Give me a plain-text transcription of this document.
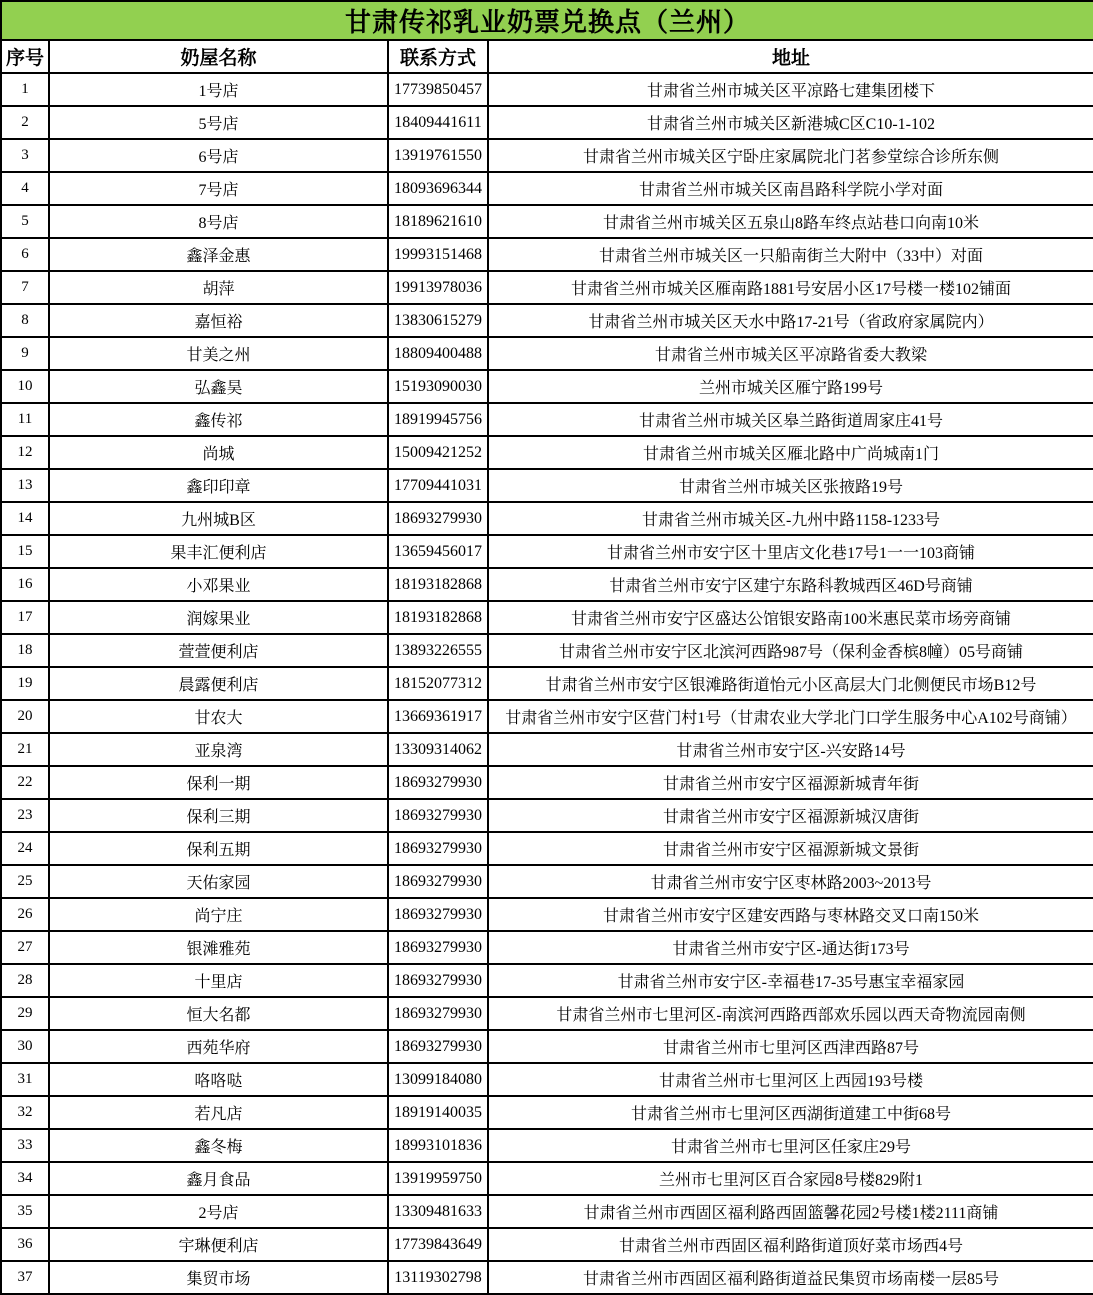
甘肃传祁乳业奶票兑换点（兰州）			
序号	奶屋名称	联系方式	地址
1	1号店	17739850457	甘肃省兰州市城关区平凉路七建集团楼下
2	5号店	18409441611	甘肃省兰州市城关区新港城C区C10-1-102
3	6号店	13919761550	甘肃省兰州市城关区宁卧庄家属院北门茗参堂综合诊所东侧
4	7号店	18093696344	甘肃省兰州市城关区南昌路科学院小学对面
5	8号店	18189621610	甘肃省兰州市城关区五泉山8路车终点站巷口向南10米
6	鑫泽金惠	19993151468	甘肃省兰州市城关区一只船南街兰大附中（33中）对面
7	胡萍	19913978036	甘肃省兰州市城关区雁南路1881号安居小区17号楼一楼102铺面
8	嘉恒裕	13830615279	甘肃省兰州市城关区天水中路17-21号（省政府家属院内）
9	甘美之州	18809400488	甘肃省兰州市城关区平凉路省委大教梁
10	弘鑫昊	15193090030	兰州市城关区雁宁路199号
11	鑫传祁	18919945756	甘肃省兰州市城关区皋兰路街道周家庄41号
12	尚城	15009421252	甘肃省兰州市城关区雁北路中广尚城南1门
13	鑫印印章	17709441031	甘肃省兰州市城关区张掖路19号
14	九州城B区	18693279930	甘肃省兰州市城关区-九州中路1158-1233号
15	果丰汇便利店	13659456017	甘肃省兰州市安宁区十里店文化巷17号1一一103商铺
16	小邓果业	18193182868	甘肃省兰州市安宁区建宁东路科教城西区46D号商铺
17	润嫁果业	18193182868	甘肃省兰州市安宁区盛达公馆银安路南100米惠民菜市场旁商铺
18	萱萱便利店	13893226555	甘肃省兰州市安宁区北滨河西路987号（保利金香槟8幢）05号商铺
19	晨露便利店	18152077312	甘肃省兰州市安宁区银滩路街道怡元小区高层大门北侧便民市场B12号
20	甘农大	13669361917	甘肃省兰州市安宁区营门村1号（甘肃农业大学北门口学生服务中心A102号商铺）
21	亚泉湾	13309314062	甘肃省兰州市安宁区-兴安路14号
22	保利一期	18693279930	甘肃省兰州市安宁区福源新城青年街
23	保利三期	18693279930	甘肃省兰州市安宁区福源新城汉唐街
24	保利五期	18693279930	甘肃省兰州市安宁区福源新城文景街
25	天佑家园	18693279930	甘肃省兰州市安宁区枣林路2003~2013号
26	尚宁庄	18693279930	甘肃省兰州市安宁区建安西路与枣林路交叉口南150米
27	银滩雅苑	18693279930	甘肃省兰州市安宁区-通达街173号
28	十里店	18693279930	甘肃省兰州市安宁区-幸福巷17-35号惠宝幸福家园
29	恒大名都	18693279930	甘肃省兰州市七里河区-南滨河西路西部欢乐园以西天奇物流园南侧
30	西苑华府	18693279930	甘肃省兰州市七里河区西津西路87号
31	咯咯哒	13099184080	甘肃省兰州市七里河区上西园193号楼
32	若凡店	18919140035	甘肃省兰州市七里河区西湖街道建工中街68号
33	鑫冬梅	18993101836	甘肃省兰州市七里河区任家庄29号
34	鑫月食品	13919959750	兰州市七里河区百合家园8号楼829附1
35	2号店	13309481633	甘肃省兰州市西固区福利路西固篮馨花园2号楼1楼2111商铺
36	宇琳便利店	17739843649	甘肃省兰州市西固区福利路街道顶好菜市场西4号
37	集贸市场	13119302798	甘肃省兰州市西固区福利路街道益民集贸市场南楼一层85号
